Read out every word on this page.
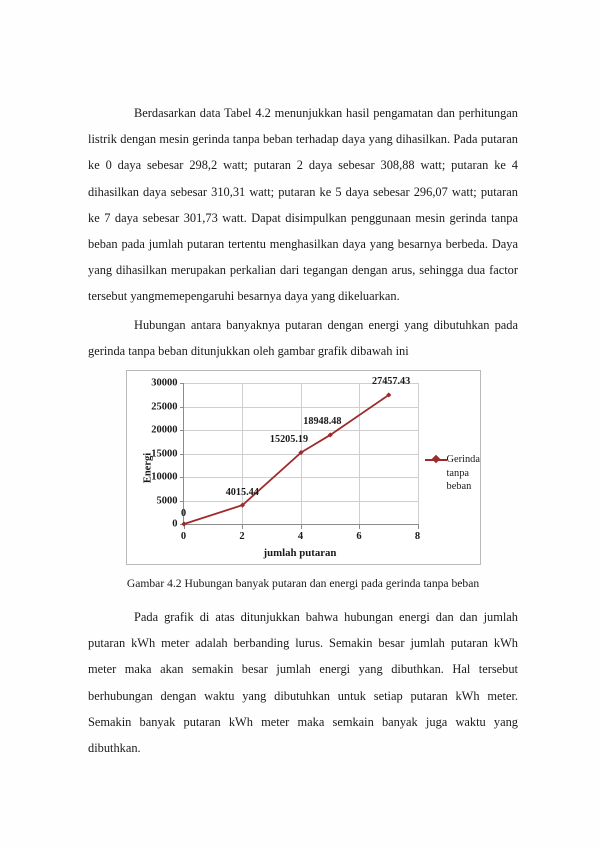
Berdasarkan data Tabel 4.2 menunjukkan hasil pengamatan dan perhitungan listrik dengan mesin gerinda tanpa beban terhadap daya yang dihasilkan. Pada putaran ke 0 daya sebesar 298,2 watt; putaran 2 daya sebesar 308,88 watt; putaran ke 4 dihasilkan daya sebesar 310,31 watt; putaran ke 5 daya sebesar 296,07 watt; putaran ke 7 daya sebesar 301,73 watt. Dapat disimpulkan penggunaan mesin gerinda tanpa beban pada jumlah putaran tertentu menghasilkan daya yang besarnya berbeda. Daya yang dihasilkan merupakan perkalian dari tegangan dengan arus, sehingga dua factor tersebut yangmemepengaruhi besarnya daya yang dikeluarkan.

Hubungan antara banyaknya putaran dengan energi yang dibutuhkan pada gerinda tanpa beban ditunjukkan oleh gambar grafik dibawah ini

Energi
30000
25000
20000
15000
10000
5000
0
0	2	4	6	8
0
4015.44
15205.19
18948.48
27457.43
jumlah putaran
Gerinda tanpa beban
Gambar 4.2 Hubungan banyak putaran dan energi pada gerinda tanpa beban

Pada grafik di atas ditunjukkan bahwa hubungan energi dan dan jumlah putaran kWh meter adalah berbanding lurus. Semakin besar jumlah putaran kWh meter maka akan semakin besar jumlah energi yang dibuthkan. Hal tersebut berhubungan dengan waktu yang dibutuhkan untuk setiap putaran kWh meter. Semakin banyak putaran kWh meter maka semkain banyak juga waktu yang dibuthkan.
